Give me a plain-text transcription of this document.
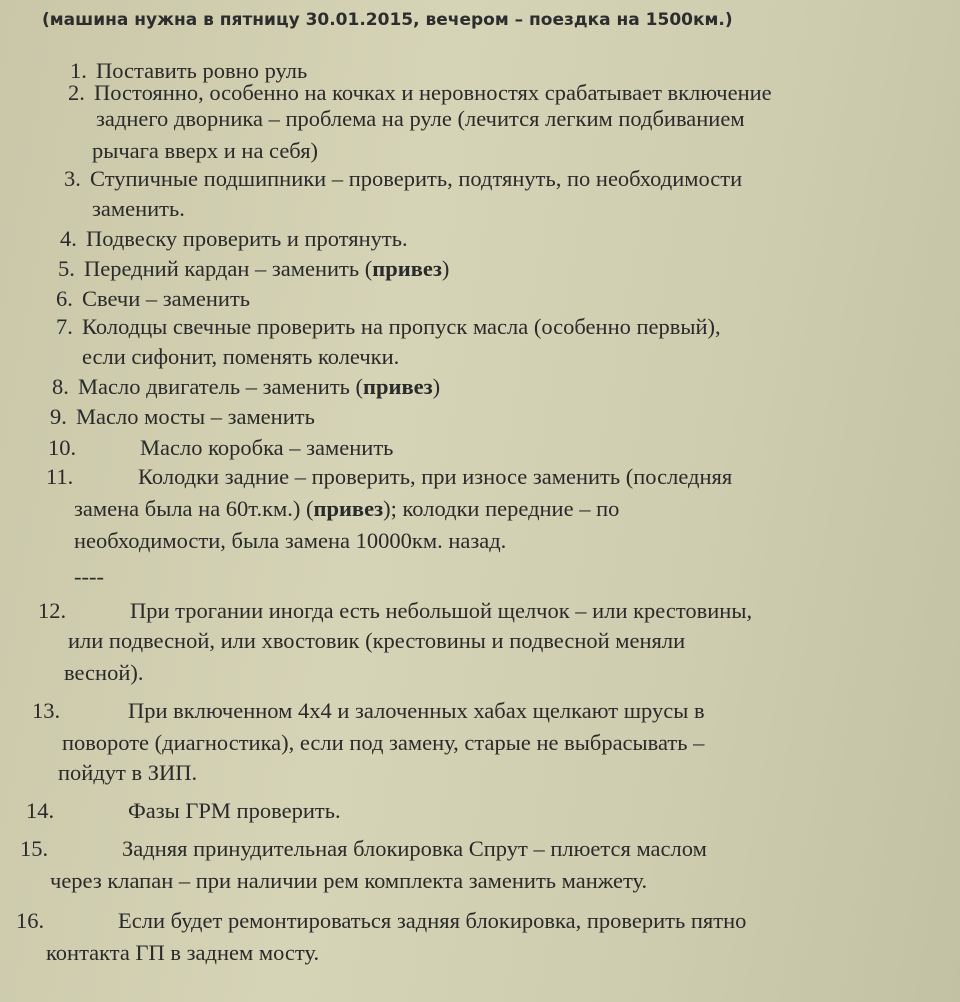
(машина нужна в пятницу 30.01.2015, вечером – поездка на 1500км.)
1. Поставить ровно руль
2. Постоянно, особенно на кочках и неровностях срабатывает включение
заднего дворника – проблема на руле (лечится легким подбиванием
рычага вверх и на себя)
3. Ступичные подшипники – проверить, подтянуть, по необходимости
заменить.
4. Подвеску проверить и протянуть.
5. Передний кардан – заменить (привез)
6. Свечи – заменить
7. Колодцы свечные проверить на пропуск масла (особенно первый),
если сифонит, поменять колечки.
8. Масло двигатель – заменить (привез)
9. Масло мосты – заменить
10.	Масло коробка – заменить
11.	Колодки задние – проверить, при износе заменить (последняя
замена была на 60т.км.) (привез); колодки передние – по
необходимости, была замена 10000км. назад.
----
12.	При трогании иногда есть небольшой щелчок – или крестовины,
или подвесной, или хвостовик (крестовины и подвесной меняли
весной).
13.	При включенном 4х4 и залоченных хабах щелкают шрусы в
повороте (диагностика), если под замену, старые не выбрасывать –
пойдут в ЗИП.
14.	Фазы ГРМ проверить.
15.	Задняя принудительная блокировка Спрут – плюется маслом
через клапан – при наличии рем комплекта заменить манжету.
16.	Если будет ремонтироваться задняя блокировка, проверить пятно
контакта ГП в заднем мосту.
